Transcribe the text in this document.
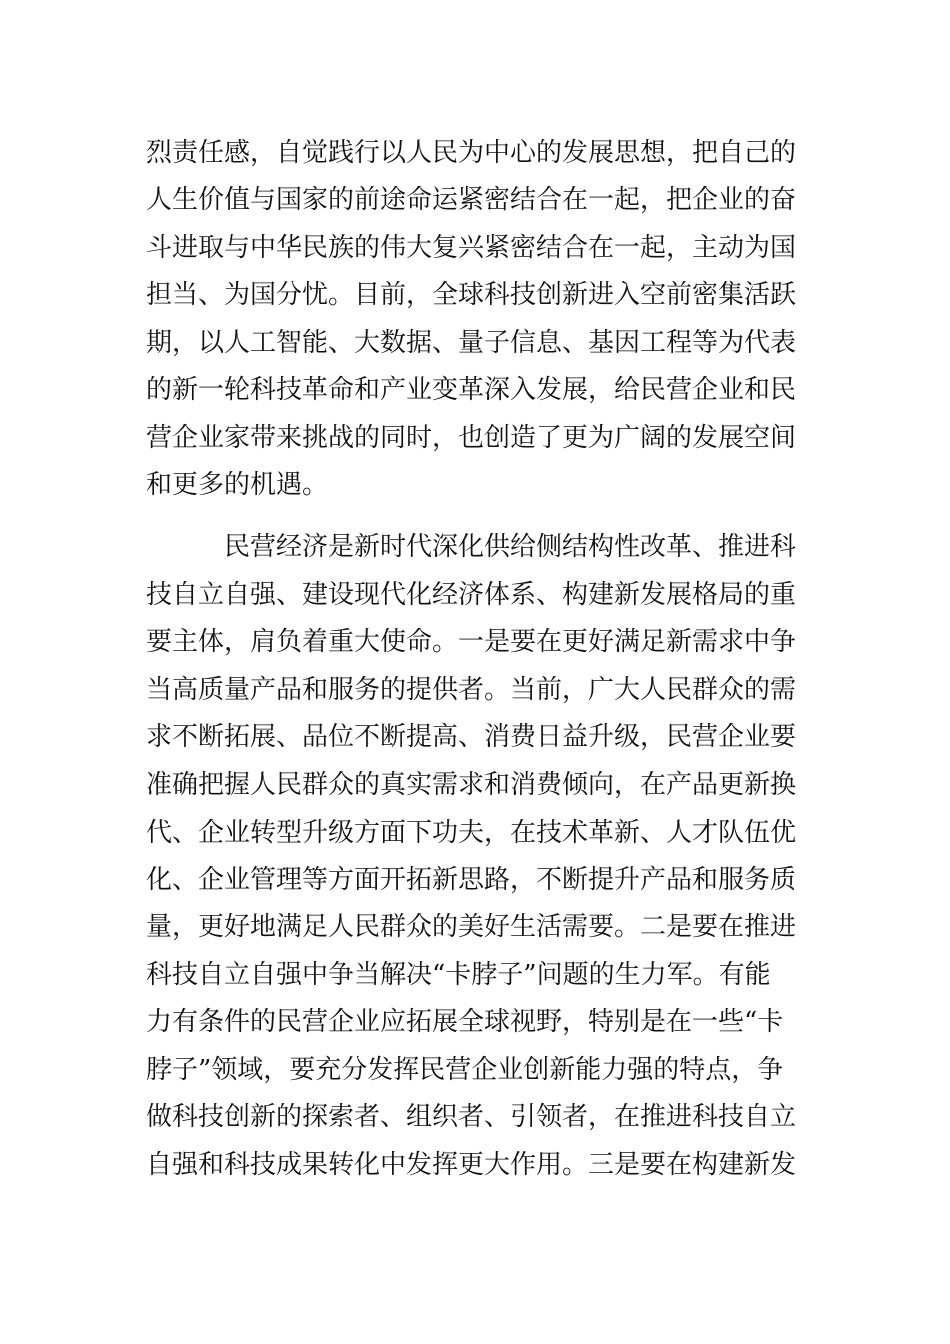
烈责任感，自觉践行以人民为中心的发展思想，把自己的
人生价值与国家的前途命运紧密结合在一起，把企业的奋
斗进取与中华民族的伟大复兴紧密结合在一起，主动为国
担当、为国分忧。目前，全球科技创新进入空前密集活跃
期，以人工智能、大数据、量子信息、基因工程等为代表
的新一轮科技革命和产业变革深入发展，给民营企业和民
营企业家带来挑战的同时，也创造了更为广阔的发展空间
和更多的机遇。
　　　民营经济是新时代深化供给侧结构性改革、推进科
技自立自强、建设现代化经济体系、构建新发展格局的重
要主体，肩负着重大使命。一是要在更好满足新需求中争
当高质量产品和服务的提供者。当前，广大人民群众的需
求不断拓展、品位不断提高、消费日益升级，民营企业要
准确把握人民群众的真实需求和消费倾向，在产品更新换
代、企业转型升级方面下功夫，在技术革新、人才队伍优
化、企业管理等方面开拓新思路，不断提升产品和服务质
量，更好地满足人民群众的美好生活需要。二是要在推进
科技自立自强中争当解决“卡脖子”问题的生力军。有能
力有条件的民营企业应拓展全球视野，特别是在一些“卡
脖子”领域，要充分发挥民营企业创新能力强的特点，争
做科技创新的探索者、组织者、引领者，在推进科技自立
自强和科技成果转化中发挥更大作用。三是要在构建新发
